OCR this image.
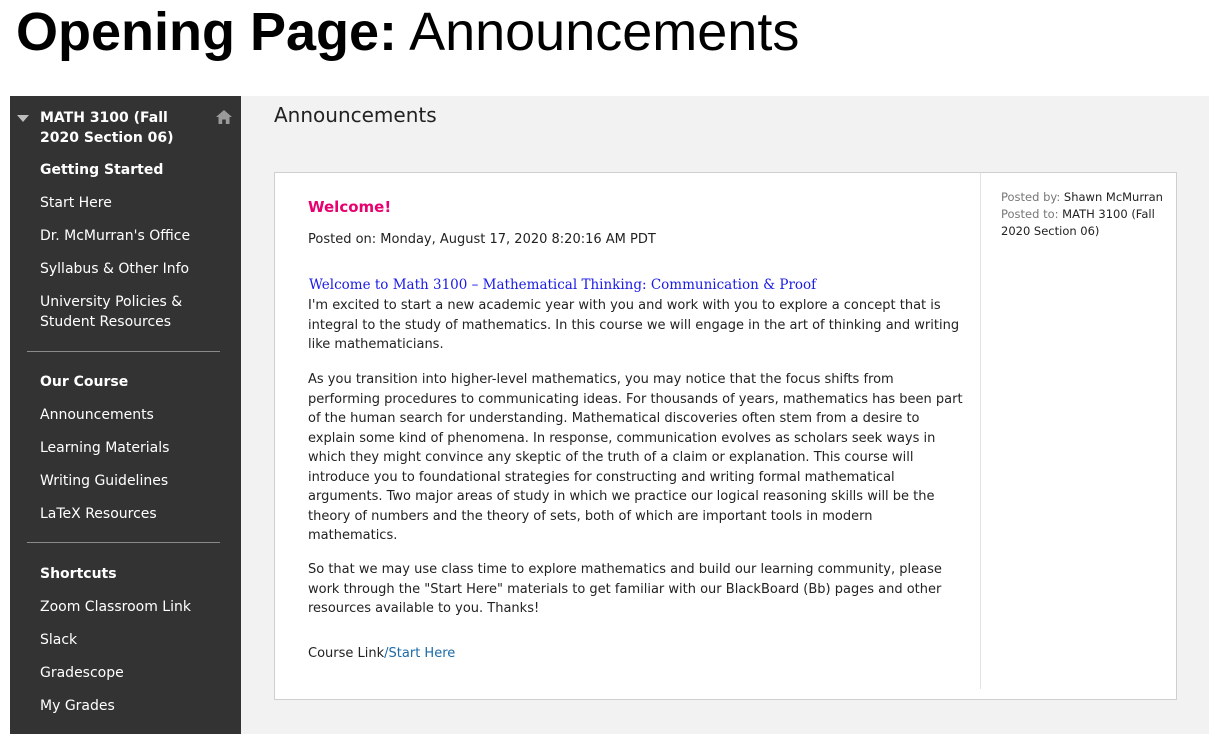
Opening Page: Announcements
MATH 3100 (Fall 2020 Section 06)
Getting Started
Start Here
Dr. McMurran's Office
Syllabus & Other Info
University Policies & Student Resources
Our Course
Announcements
Learning Materials
Writing Guidelines
LaTeX Resources
Shortcuts
Zoom Classroom Link
Slack
Gradescope
My Grades
Announcements
Welcome!
Posted on: Monday, August 17, 2020 8:20:16 AM PDT
Welcome to Math 3100 – Mathematical Thinking: Communication & Proof

I'm excited to start a new academic year with you and work with you to explore a concept that is integral to the study of mathematics. In this course we will engage in the art of thinking and writing like mathematicians.

As you transition into higher-level mathematics, you may notice that the focus shifts from performing procedures to communicating ideas. For thousands of years, mathematics has been part of the human search for understanding. Mathematical discoveries often stem from a desire to explain some kind of phenomena. In response, communication evolves as scholars seek ways in which they might convince any skeptic of the truth of a claim or explanation. This course will introduce you to foundational strategies for constructing and writing formal mathematical arguments. Two major areas of study in which we practice our logical reasoning skills will be the theory of numbers and the theory of sets, both of which are important tools in modern mathematics.

So that we may use class time to explore mathematics and build our learning community, please work through the "Start Here" materials to get familiar with our BlackBoard (Bb) pages and other resources available to you. Thanks!

Course Link/Start Here
Posted by: Shawn McMurran
Posted to: MATH 3100 (Fall 2020 Section 06)
